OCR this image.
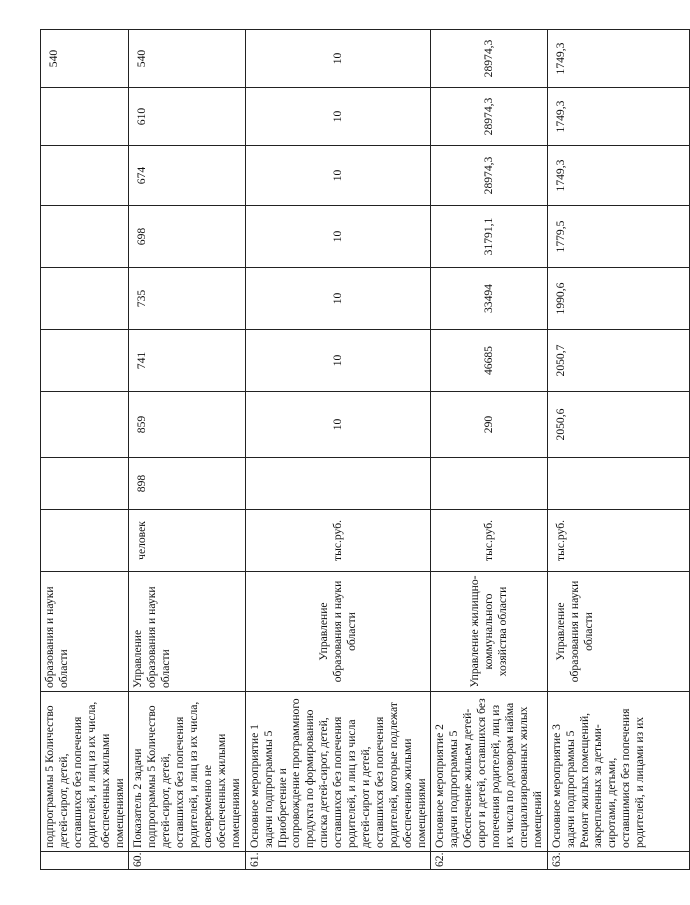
	подпрограммы 5 Количество детей-сирот, детей, оставшихся без попечения родителей, и лиц из их числа, обеспеченных жилыми помещениями	образования и науки области									540
60.	Показатель 2 задачи подпрограммы 5 Количество детей-сирот, детей, оставшихся без попечения родителей, и лиц из их числа, своевременно не обеспеченных жилыми помещениями	Управление образования и науки области	человек	898	859	741	735	698	674	610	540
61.	Основное мероприятие 1 задачи подпрограммы 5 Приобретение и сопровождение программного продукта по формированию списка детей-сирот, детей, оставшихся без попечения родителей, и лиц из числа детей-сирот и детей, оставшихся без попечения родителей, которые подлежат обеспечению жилыми помещениями	Управление образования и науки области	тыс.руб.		10	10	10	10	10	10	10
62.	Основное мероприятие 2 задачи подпрограммы 5 Обеспечение жильем детей-сирот и детей, оставшихся без попечения родителей, лиц из их числа по договорам найма специализированных жилых помещений	Управление жилищно-коммунального хозяйства области	тыс.руб.		290	46685	33494	31791,1	28974,3	28974,3	28974,3
63.	Основное мероприятие 3 задачи подпрограммы 5 Ремонт жилых помещений, закрепленных за детьми-сиротами, детьми, оставшимися без попечения родителей, и лицами из их	Управление образования и науки области	тыс.руб.		2050,6	2050,7	1990,6	1779,5	1749,3	1749,3	1749,3
